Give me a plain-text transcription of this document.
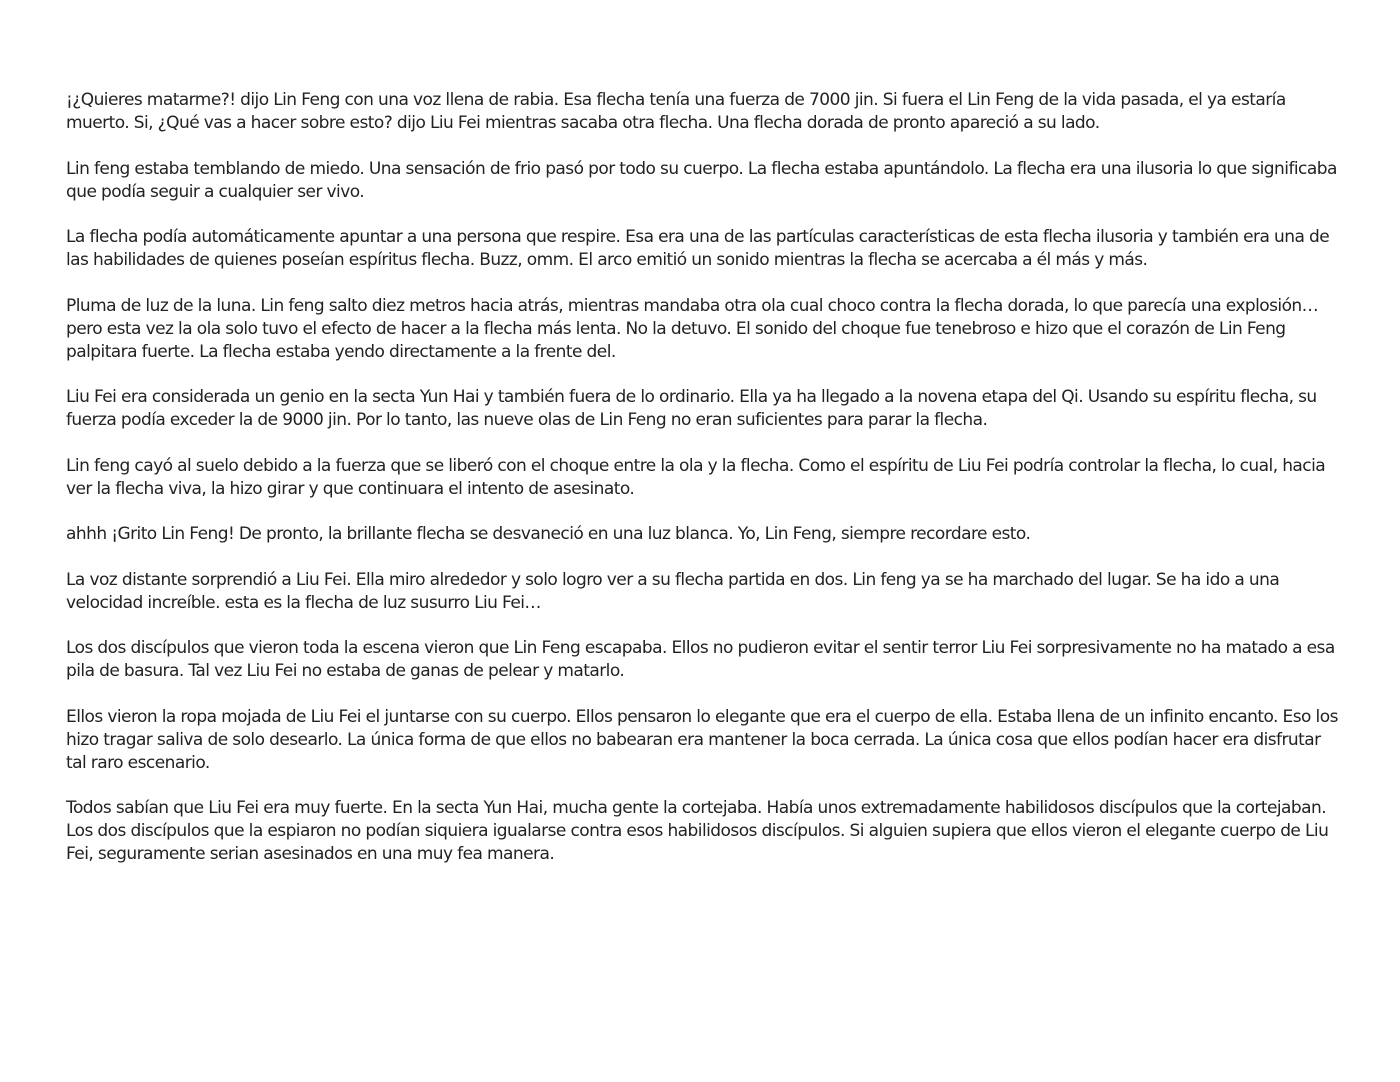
¡¿Quieres matarme?! dijo Lin Feng con una voz llena de rabia. Esa flecha tenía una fuerza de 7000 jin. Si fuera el Lin Feng de la vida pasada, el ya estaría muerto. Si, ¿Qué vas a hacer sobre esto? dijo Liu Fei mientras sacaba otra flecha. Una flecha dorada de pronto apareció a su lado.

Lin feng estaba temblando de miedo. Una sensación de frio pasó por todo su cuerpo. La flecha estaba apuntándolo. La flecha era una ilusoria lo que significaba que podía seguir a cualquier ser vivo.

La flecha podía automáticamente apuntar a una persona que respire. Esa era una de las partículas características de esta flecha ilusoria y también era una de las habilidades de quienes poseían espíritus flecha. Buzz, omm. El arco emitió un sonido mientras la flecha se acercaba a él más y más.

Pluma de luz de la luna. Lin feng salto diez metros hacia atrás, mientras mandaba otra ola cual choco contra la flecha dorada, lo que parecía una explosión… pero esta vez la ola solo tuvo el efecto de hacer a la flecha más lenta. No la detuvo. El sonido del choque fue tenebroso e hizo que el corazón de Lin Feng palpitara fuerte. La flecha estaba yendo directamente a la frente del.

Liu Fei era considerada un genio en la secta Yun Hai y también fuera de lo ordinario. Ella ya ha llegado a la novena etapa del Qi. Usando su espíritu flecha, su fuerza podía exceder la de 9000 jin. Por lo tanto, las nueve olas de Lin Feng no eran suficientes para parar la flecha.

Lin feng cayó al suelo debido a la fuerza que se liberó con el choque entre la ola y la flecha. Como el espíritu de Liu Fei podría controlar la flecha, lo cual, hacia ver la flecha viva, la hizo girar y que continuara el intento de asesinato.

ahhh ¡Grito Lin Feng! De pronto, la brillante flecha se desvaneció en una luz blanca. Yo, Lin Feng, siempre recordare esto.

La voz distante sorprendió a Liu Fei. Ella miro alrededor y solo logro ver a su flecha partida en dos. Lin feng ya se ha marchado del lugar. Se ha ido a una velocidad increíble. esta es la flecha de luz susurro Liu Fei…

Los dos discípulos que vieron toda la escena vieron que Lin Feng escapaba. Ellos no pudieron evitar el sentir terror Liu Fei sorpresivamente no ha matado a esa pila de basura. Tal vez Liu Fei no estaba de ganas de pelear y matarlo.

Ellos vieron la ropa mojada de Liu Fei el juntarse con su cuerpo. Ellos pensaron lo elegante que era el cuerpo de ella. Estaba llena de un infinito encanto. Eso los hizo tragar saliva de solo desearlo. La única forma de que ellos no babearan era mantener la boca cerrada. La única cosa que ellos podían hacer era disfrutar tal raro escenario.

Todos sabían que Liu Fei era muy fuerte. En la secta Yun Hai, mucha gente la cortejaba. Había unos extremadamente habilidosos discípulos que la cortejaban. Los dos discípulos que la espiaron no podían siquiera igualarse contra esos habilidosos discípulos. Si alguien supiera que ellos vieron el elegante cuerpo de Liu Fei, seguramente serian asesinados en una muy fea manera.
